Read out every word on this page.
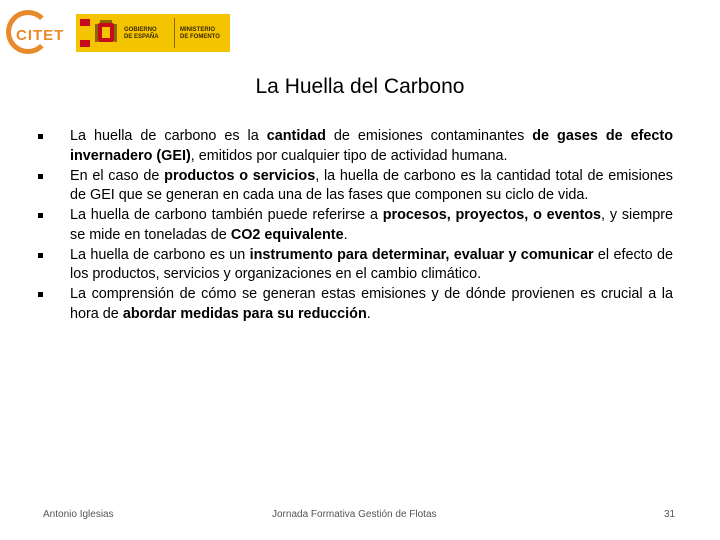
CITET	GOBIERNO
DE ESPAÑA
MINISTERIO
DE FOMENTO
La Huella del Carbono
La huella de carbono es la cantidad de emisiones contaminantes de gases de efecto invernadero (GEI), emitidos por cualquier tipo de actividad humana.
En el caso de productos o servicios, la huella de carbono es la cantidad total de emisiones de GEI que se generan en cada una de las fases que componen su ciclo de vida.
La huella de carbono también puede referirse a procesos, proyectos, o eventos, y siempre se mide en toneladas de CO2 equivalente.
La huella de carbono es un instrumento para determinar, evaluar y comunicar el efecto de los productos, servicios y organizaciones en el cambio climático.
La comprensión de cómo se generan estas emisiones y de dónde provienen es crucial a la hora de abordar medidas para su reducción.
Antonio Iglesias	Jornada Formativa Gestión de Flotas	31
